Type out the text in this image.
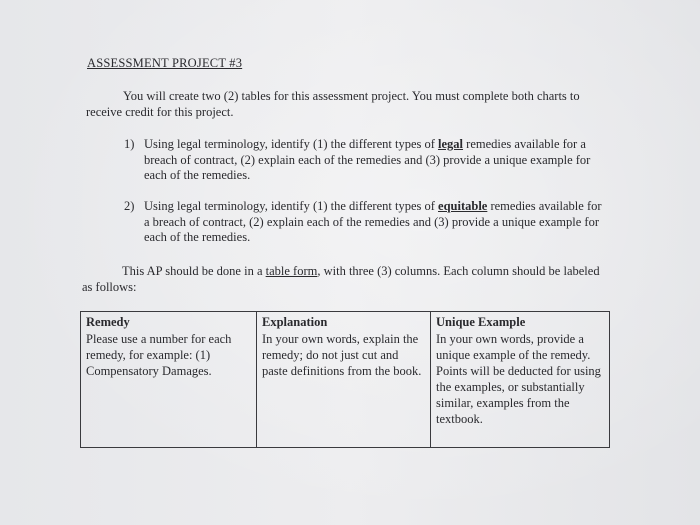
ASSESSMENT PROJECT #3

You will create two (2) tables for this assessment project. You must complete both charts to receive credit for this project.

1) Using legal terminology, identify (1) the different types of legal remedies available for a breach of contract, (2) explain each of the remedies and (3) provide a unique example for each of the remedies.
2) Using legal terminology, identify (1) the different types of equitable remedies available for a breach of contract, (2) explain each of the remedies and (3) provide a unique example for each of the remedies.

This AP should be done in a table form, with three (3) columns. Each column should be labeled as follows:

Remedy	Explanation	Unique Example
Please use a number for each remedy, for example: (1) Compensatory Damages.	In your own words, explain the remedy; do not just cut and paste definitions from the book.	In your own words, provide a unique example of the remedy. Points will be deducted for using the examples, or substantially similar, examples from the textbook.
